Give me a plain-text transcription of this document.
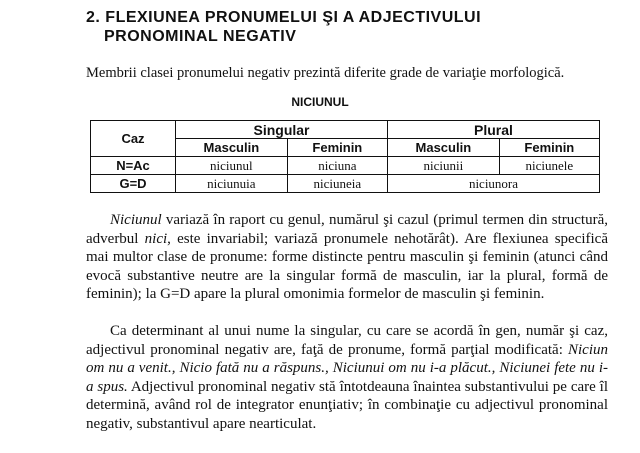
2. FLEXIUNEA PRONUMELUI ŞI A ADJECTIVULUI
PRONOMINAL NEGATIV
Membrii clasei pronumelui negativ prezintă diferite grade de variaţie morfologică.
NICIUNUL
Caz	Singular		Plural	
	Masculin	Feminin	Masculin	Feminin
N=Ac	niciunul	niciuna	niciunii	niciunele
G=D	niciunuia	niciuneia	niciunora	

Niciunul variază în raport cu genul, numărul şi cazul (primul termen din structură, adverbul nici, este invariabil; variază pronumele nehotărât). Are flexiunea specifică mai multor clase de pronume: forme distincte pentru masculin şi feminin (atunci când evocă substantive neutre are la singular formă de masculin, iar la plural, formă de feminin); la G=D apare la plural omonimia formelor de masculin şi feminin.

Ca determinant al unui nume la singular, cu care se acordă în gen, număr şi caz, adjectivul pronominal negativ are, faţă de pronume, formă parţial modificată: Niciun om nu a venit., Nicio fată nu a răspuns., Niciunui om nu i-a plăcut., Niciunei fete nu i-a spus. Adjectivul pronominal negativ stă întotdeauna înaintea substantivului pe care îl determină, având rol de integrator enunţiativ; în combinaţie cu adjectivul pronominal negativ, substantivul apare nearticulat.
